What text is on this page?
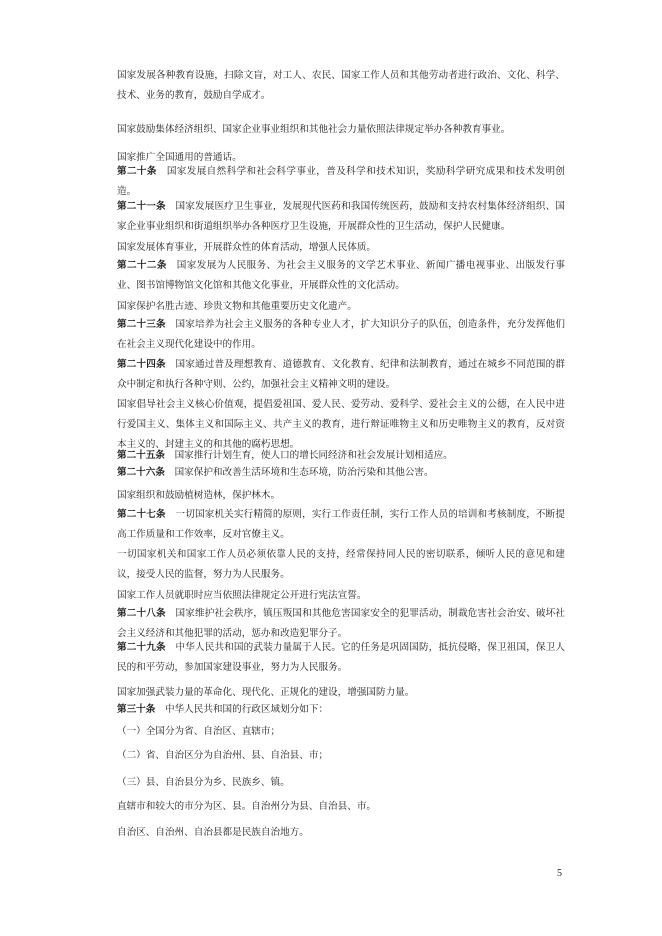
国家发展各种教育设施，扫除文盲，对工人、农民、国家工作人员和其他劳动者进行政治、文化、科学、技术、业务的教育，鼓励自学成才。

国家鼓励集体经济组织、国家企业事业组织和其他社会力量依照法律规定举办各种教育事业。

国家推广全国通用的普通话。

第二十条　 国家发展自然科学和社会科学事业，普及科学和技术知识，奖励科学研究成果和技术发明创造。

第二十一条　 国家发展医疗卫生事业，发展现代医药和我国传统医药，鼓励和支持农村集体经济组织、国家企业事业组织和街道组织举办各种医疗卫生设施，开展群众性的卫生活动，保护人民健康。

国家发展体育事业，开展群众性的体育活动，增强人民体质。

第二十二条　 国家发展为人民服务、为社会主义服务的文学艺术事业、新闻广播电视事业、出版发行事业、图书馆博物馆文化馆和其他文化事业，开展群众性的文化活动。

国家保护名胜古迹、珍贵文物和其他重要历史文化遗产。

第二十三条　 国家培养为社会主义服务的各种专业人才，扩大知识分子的队伍，创造条件，充分发挥他们在社会主义现代化建设中的作用。

第二十四条　 国家通过普及理想教育、道德教育、文化教育、纪律和法制教育，通过在城乡不同范围的群众中制定和执行各种守则、公约，加强社会主义精神文明的建设。

国家倡导社会主义核心价值观，提倡爱祖国、爱人民、爱劳动、爱科学、爱社会主义的公德，在人民中进行爱国主义、集体主义和国际主义、共产主义的教育，进行辩证唯物主义和历史唯物主义的教育，反对资本主义的、封建主义的和其他的腐朽思想。

第二十五条　 国家推行计划生育，使人口的增长同经济和社会发展计划相适应。

第二十六条　 国家保护和改善生活环境和生态环境，防治污染和其他公害。

国家组织和鼓励植树造林，保护林木。

第二十七条　 一切国家机关实行精简的原则，实行工作责任制，实行工作人员的培训和考核制度，不断提高工作质量和工作效率，反对官僚主义。

一切国家机关和国家工作人员必须依靠人民的支持，经常保持同人民的密切联系，倾听人民的意见和建议，接受人民的监督，努力为人民服务。

国家工作人员就职时应当依照法律规定公开进行宪法宣誓。

第二十八条　 国家维护社会秩序，镇压叛国和其他危害国家安全的犯罪活动，制裁危害社会治安、破坏社会主义经济和其他犯罪的活动，惩办和改造犯罪分子。

第二十九条　 中华人民共和国的武装力量属于人民。它的任务是巩固国防，抵抗侵略，保卫祖国，保卫人民的和平劳动，参加国家建设事业，努力为人民服务。

国家加强武装力量的革命化、现代化、正规化的建设，增强国防力量。

第三十条　 中华人民共和国的行政区域划分如下：

（一）全国分为省、自治区、直辖市；

（二）省、自治区分为自治州、县、自治县、市；

（三）县、自治县分为乡、民族乡、镇。

直辖市和较大的市分为区、县。自治州分为县、自治县、市。

自治区、自治州、自治县都是民族自治地方。

5
